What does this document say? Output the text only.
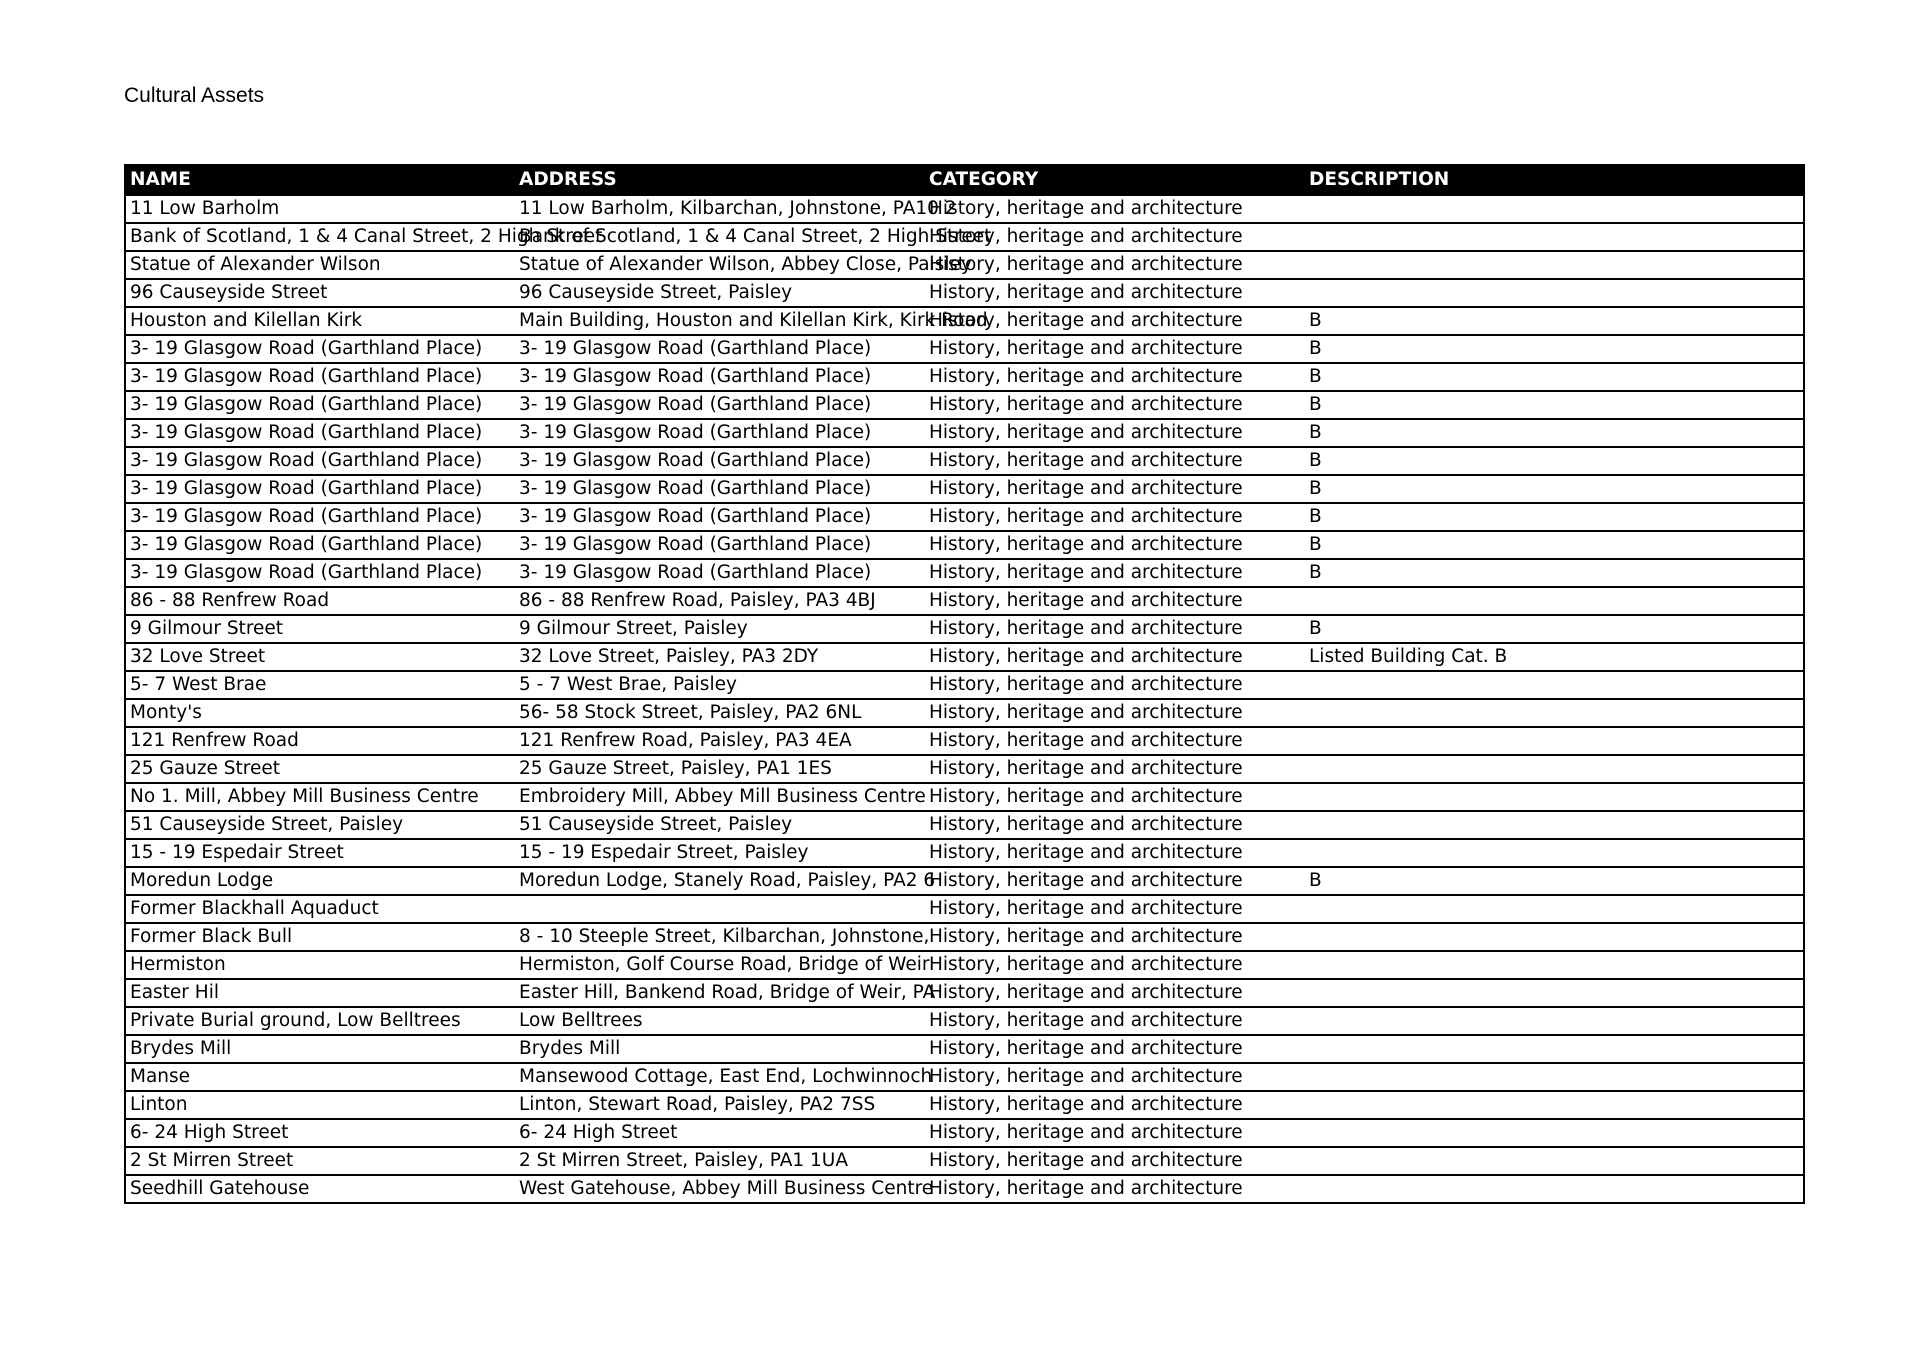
Cultural Assets
NAME	ADDRESS	CATEGORY	DESCRIPTION
11 Low Barholm	11 Low Barholm, Kilbarchan, Johnstone, PA10 2	History, heritage and architecture	
Bank of Scotland, 1 & 4 Canal Street, 2 High Street	Bank of Scotland, 1 & 4 Canal Street, 2 High Street	History, heritage and architecture	
Statue of Alexander Wilson	Statue of Alexander Wilson, Abbey Close, Paisley	History, heritage and architecture	
96 Causeyside Street	96 Causeyside Street, Paisley	History, heritage and architecture	
Houston and Kilellan Kirk	Main Building, Houston and Kilellan Kirk, Kirk Road	History, heritage and architecture	B
3- 19 Glasgow Road (Garthland Place)	3- 19 Glasgow Road (Garthland Place)	History, heritage and architecture	B
3- 19 Glasgow Road (Garthland Place)	3- 19 Glasgow Road (Garthland Place)	History, heritage and architecture	B
3- 19 Glasgow Road (Garthland Place)	3- 19 Glasgow Road (Garthland Place)	History, heritage and architecture	B
3- 19 Glasgow Road (Garthland Place)	3- 19 Glasgow Road (Garthland Place)	History, heritage and architecture	B
3- 19 Glasgow Road (Garthland Place)	3- 19 Glasgow Road (Garthland Place)	History, heritage and architecture	B
3- 19 Glasgow Road (Garthland Place)	3- 19 Glasgow Road (Garthland Place)	History, heritage and architecture	B
3- 19 Glasgow Road (Garthland Place)	3- 19 Glasgow Road (Garthland Place)	History, heritage and architecture	B
3- 19 Glasgow Road (Garthland Place)	3- 19 Glasgow Road (Garthland Place)	History, heritage and architecture	B
3- 19 Glasgow Road (Garthland Place)	3- 19 Glasgow Road (Garthland Place)	History, heritage and architecture	B
86 - 88 Renfrew Road	86 - 88 Renfrew Road, Paisley, PA3 4BJ	History, heritage and architecture	
9 Gilmour Street	9 Gilmour Street, Paisley	History, heritage and architecture	B
32 Love Street	32 Love Street, Paisley, PA3 2DY	History, heritage and architecture	Listed Building Cat. B
5- 7 West Brae	5 - 7 West Brae, Paisley	History, heritage and architecture	
Monty's	56- 58 Stock Street, Paisley, PA2 6NL	History, heritage and architecture	
121 Renfrew Road	121 Renfrew Road, Paisley, PA3 4EA	History, heritage and architecture	
25 Gauze Street	25 Gauze Street, Paisley, PA1 1ES	History, heritage and architecture	
No 1. Mill, Abbey Mill Business Centre	Embroidery Mill, Abbey Mill Business Centre	History, heritage and architecture	
51 Causeyside Street, Paisley	51 Causeyside Street, Paisley	History, heritage and architecture	
15 - 19 Espedair Street	15 - 19 Espedair Street, Paisley	History, heritage and architecture	
Moredun Lodge	Moredun Lodge, Stanely Road, Paisley, PA2 6	History, heritage and architecture	B
Former Blackhall Aquaduct		History, heritage and architecture	
Former Black Bull	8 - 10 Steeple Street, Kilbarchan, Johnstone,	History, heritage and architecture	
Hermiston	Hermiston, Golf Course Road, Bridge of Weir	History, heritage and architecture	
Easter Hil	Easter Hill, Bankend Road, Bridge of Weir, PA	History, heritage and architecture	
Private Burial ground, Low Belltrees	Low Belltrees	History, heritage and architecture	
Brydes Mill	Brydes Mill	History, heritage and architecture	
Manse	Mansewood Cottage, East End, Lochwinnoch	History, heritage and architecture	
Linton	Linton, Stewart Road, Paisley, PA2 7SS	History, heritage and architecture	
6- 24 High Street	6- 24 High Street	History, heritage and architecture	
2 St Mirren Street	2 St Mirren Street, Paisley, PA1 1UA	History, heritage and architecture	
Seedhill Gatehouse	West Gatehouse, Abbey Mill Business Centre	History, heritage and architecture	
